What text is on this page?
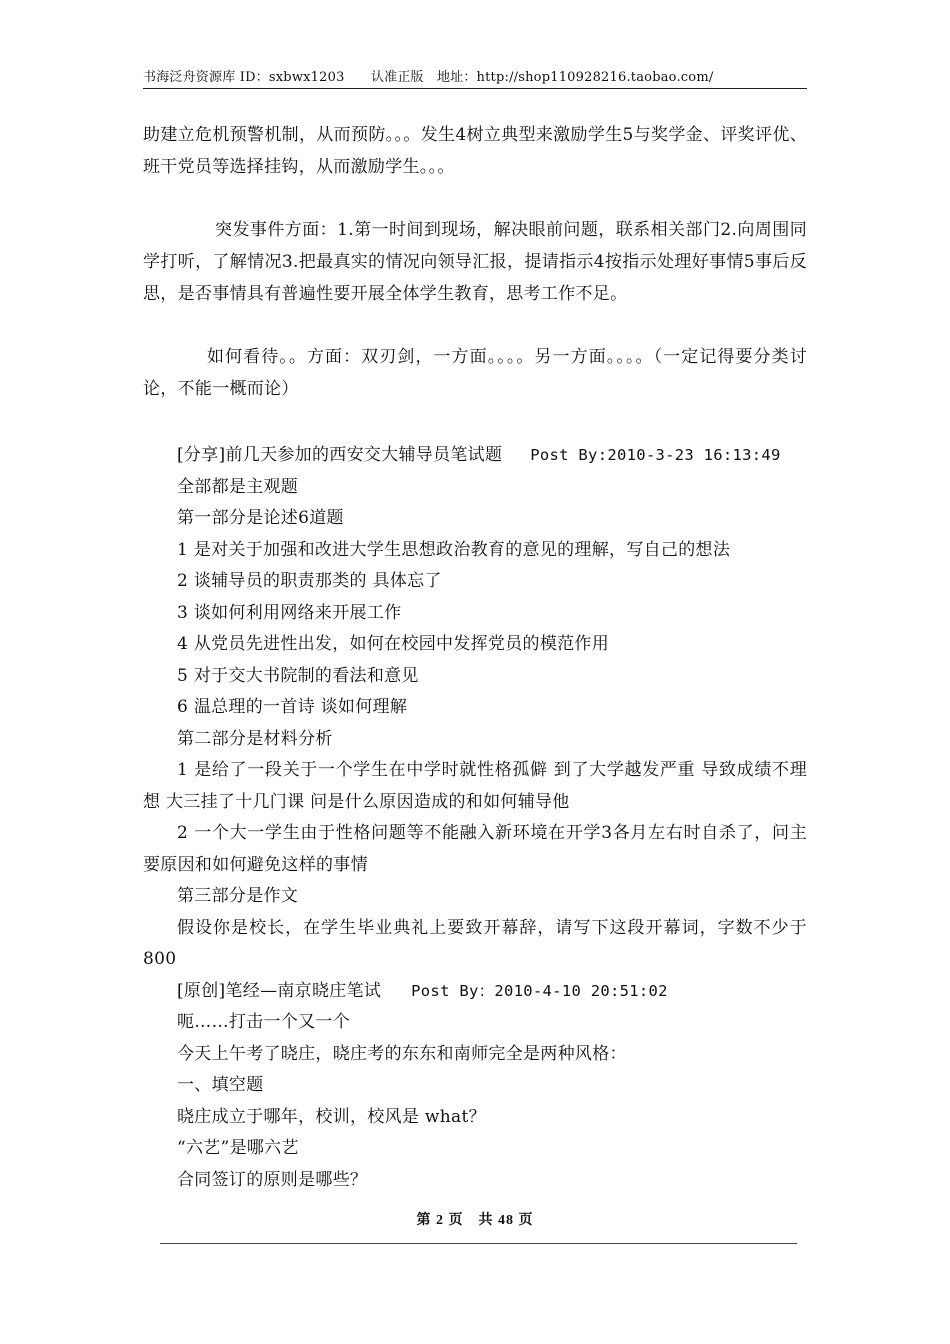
书海泛舟资源库 ID：sxbwx1203　　认准正版　地址：http://shop110928216.taobao.com/
助建立危机预警机制，从而预防。。。发生4树立典型来激励学生5与奖学金、评奖评优、班干党员等选择挂钩，从而激励学生。。。
突发事件方面：1.第一时间到现场，解决眼前问题，联系相关部门2.向周围同学打听，了解情况3.把最真实的情况向领导汇报，提请指示4按指示处理好事情5事后反思，是否事情具有普遍性要开展全体学生教育，思考工作不足。
如何看待。。方面：双刃剑，一方面。。。。另一方面。。。。（一定记得要分类讨论，不能一概而论）
[分享]前几天参加的西安交大辅导员笔试题 Post By:2010-3-23 16:13:49
全部都是主观题
第一部分是论述6道题
1 是对关于加强和改进大学生思想政治教育的意见的理解，写自己的想法
2 谈辅导员的职责那类的 具体忘了
3 谈如何利用网络来开展工作
4 从党员先进性出发，如何在校园中发挥党员的模范作用
5 对于交大书院制的看法和意见
6 温总理的一首诗 谈如何理解
第二部分是材料分析
1 是给了一段关于一个学生在中学时就性格孤僻 到了大学越发严重 导致成绩不理想 大三挂了十几门课 问是什么原因造成的和如何辅导他
2 一个大一学生由于性格问题等不能融入新环境在开学3各月左右时自杀了，问主要原因和如何避免这样的事情
第三部分是作文
假设你是校长，在学生毕业典礼上要致开幕辞，请写下这段开幕词，字数不少于800
[原创]笔经—南京晓庄笔试 Post By：2010-4-10 20:51:02
呃……打击一个又一个
今天上午考了晓庄，晓庄考的东东和南师完全是两种风格：
一、填空题
晓庄成立于哪年，校训，校风是 what？
“六艺”是哪六艺
合同签订的原则是哪些？
第 2 页　共 48 页
